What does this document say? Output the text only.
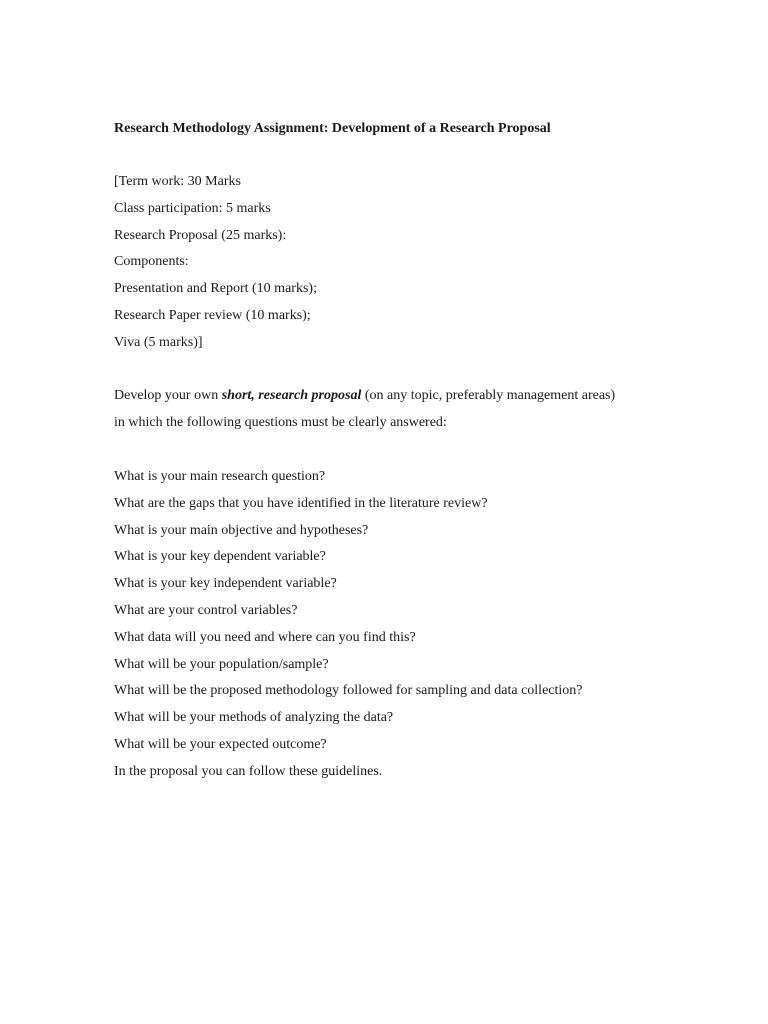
Research Methodology Assignment: Development of a Research Proposal
[Term work: 30 Marks
Class participation: 5 marks
Research Proposal (25 marks):
Components:
Presentation and Report (10 marks);
Research Paper review (10 marks);
Viva (5 marks)]
Develop your own short, research proposal (on any topic, preferably management areas)
in which the following questions must be clearly answered:
What is your main research question?
What are the gaps that you have identified in the literature review?
What is your main objective and hypotheses?
What is your key dependent variable?
What is your key independent variable?
What are your control variables?
What data will you need and where can you find this?
What will be your population/sample?
What will be the proposed methodology followed for sampling and data collection?
What will be your methods of analyzing the data?
What will be your expected outcome?
In the proposal you can follow these guidelines.
